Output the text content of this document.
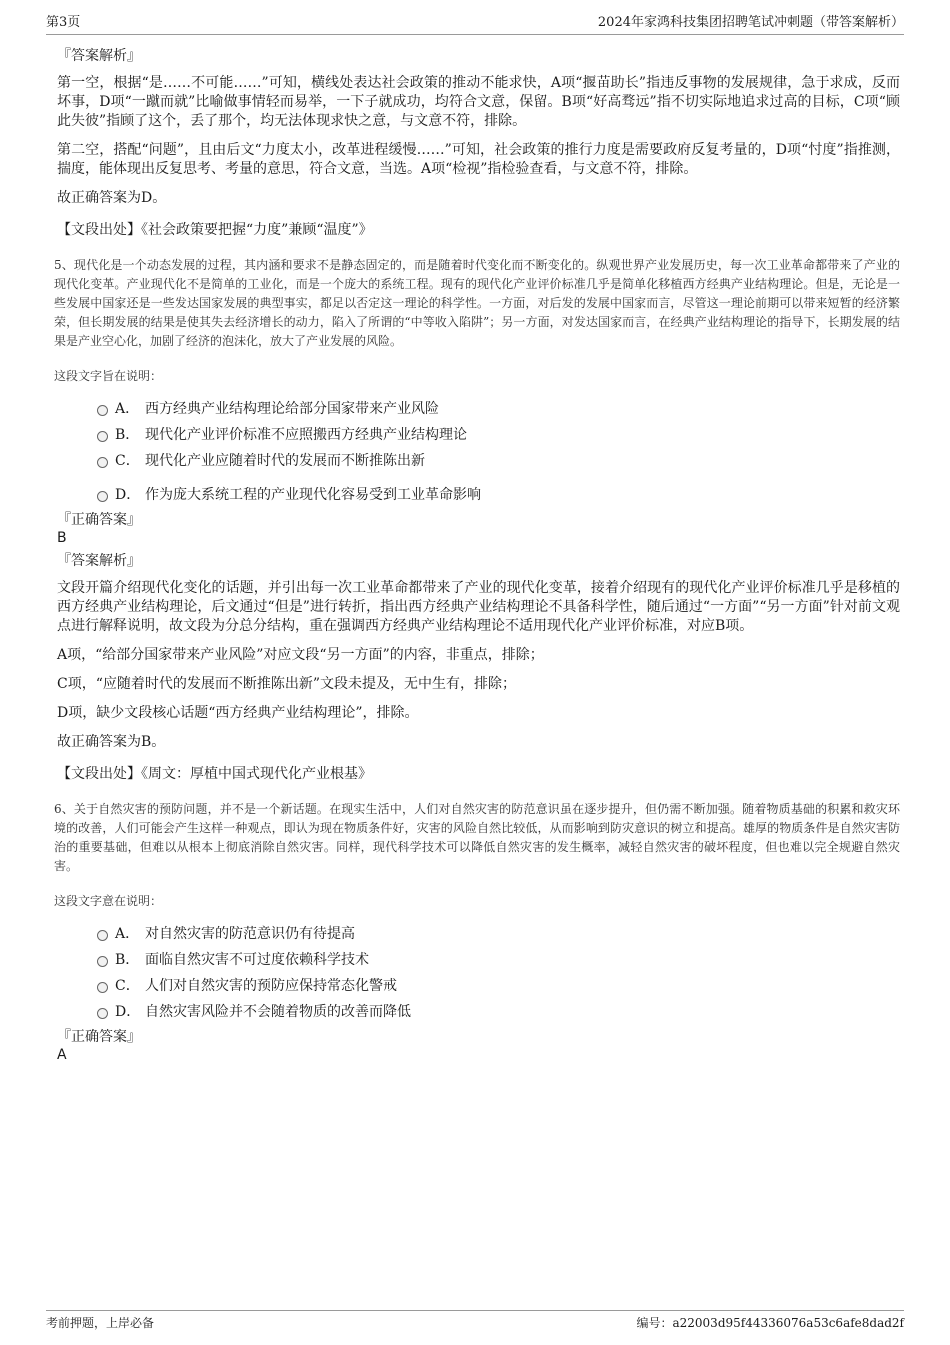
第3页	2024年家鸿科技集团招聘笔试冲刺题（带答案解析）
『答案解析』

第一空，根据“是……不可能……”可知，横线处表达社会政策的推动不能求快，A项“揠苗助长”指违反事物的发展规律，急于求成，反而坏事，D项“一蹴而就”比喻做事情轻而易举，一下子就成功，均符合文意，保留。B项“好高骛远”指不切实际地追求过高的目标，C项“顾此失彼”指顾了这个，丢了那个，均无法体现求快之意，与文意不符，排除。

第二空，搭配“问题”，且由后文“力度太小，改革进程缓慢……”可知，社会政策的推行力度是需要政府反复考量的，D项“忖度”指推测，揣度，能体现出反复思考、考量的意思，符合文意，当选。A项“检视”指检验查看，与文意不符，排除。

故正确答案为D。

【文段出处】《社会政策要把握“力度”兼顾“温度”》

5、现代化是一个动态发展的过程，其内涵和要求不是静态固定的，而是随着时代变化而不断变化的。纵观世界产业发展历史，每一次工业革命都带来了产业的现代化变革。产业现代化不是简单的工业化，而是一个庞大的系统工程。现有的现代化产业评价标准几乎是简单化移植西方经典产业结构理论。但是，无论是一些发展中国家还是一些发达国家发展的典型事实，都足以否定这一理论的科学性。一方面，对后发的发展中国家而言，尽管这一理论前期可以带来短暂的经济繁荣，但长期发展的结果是使其失去经济增长的动力，陷入了所谓的“中等收入陷阱”；另一方面，对发达国家而言，在经典产业结构理论的指导下，长期发展的结果是产业空心化，加剧了经济的泡沫化，放大了产业发展的风险。

这段文字旨在说明：
A． 西方经典产业结构理论给部分国家带来产业风险
B． 现代化产业评价标准不应照搬西方经典产业结构理论
C． 现代化产业应随着时代的发展而不断推陈出新
D． 作为庞大系统工程的产业现代化容易受到工业革命影响
『正确答案』
B
『答案解析』

文段开篇介绍现代化变化的话题，并引出每一次工业革命都带来了产业的现代化变革，接着介绍现有的现代化产业评价标准几乎是移植的西方经典产业结构理论，后文通过“但是”进行转折，指出西方经典产业结构理论不具备科学性，随后通过“一方面”“另一方面”针对前文观点进行解释说明，故文段为分总分结构，重在强调西方经典产业结构理论不适用现代化产业评价标准，对应B项。

A项，“给部分国家带来产业风险”对应文段“另一方面”的内容，非重点，排除；

C项，“应随着时代的发展而不断推陈出新”文段未提及，无中生有，排除；

D项，缺少文段核心话题“西方经典产业结构理论”，排除。

故正确答案为B。

【文段出处】《周文：厚植中国式现代化产业根基》

6、关于自然灾害的预防问题，并不是一个新话题。在现实生活中，人们对自然灾害的防范意识虽在逐步提升，但仍需不断加强。随着物质基础的积累和救灾环境的改善，人们可能会产生这样一种观点，即认为现在物质条件好，灾害的风险自然比较低，从而影响到防灾意识的树立和提高。雄厚的物质条件是自然灾害防治的重要基础，但难以从根本上彻底消除自然灾害。同样，现代科学技术可以降低自然灾害的发生概率，减轻自然灾害的破坏程度，但也难以完全规避自然灾害。

这段文字意在说明：
A． 对自然灾害的防范意识仍有待提高
B． 面临自然灾害不可过度依赖科学技术
C． 人们对自然灾害的预防应保持常态化警戒
D． 自然灾害风险并不会随着物质的改善而降低
『正确答案』
A
考前押题，上岸必备	编号：a22003d95f44336076a53c6afe8dad2f
